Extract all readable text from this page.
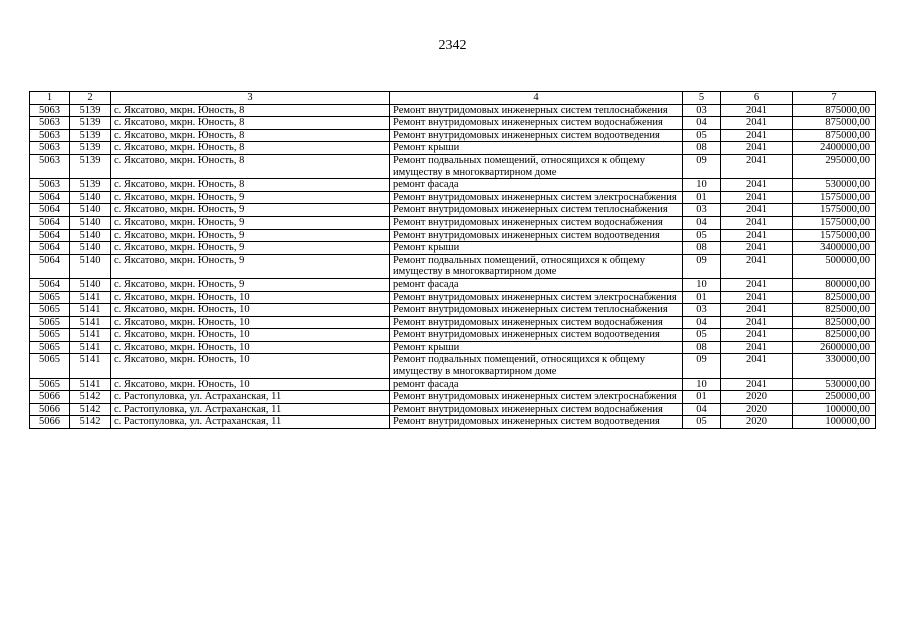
2342
1	2	3	4	5	6	7
5063	5139	с. Яксатово, мкрн. Юность, 8	Ремонт внутридомовых инженерных систем теплоснабжения	03	2041	875000,00
5063	5139	с. Яксатово, мкрн. Юность, 8	Ремонт внутридомовых инженерных систем водоснабжения	04	2041	875000,00
5063	5139	с. Яксатово, мкрн. Юность, 8	Ремонт внутридомовых инженерных систем водоотведения	05	2041	875000,00
5063	5139	с. Яксатово, мкрн. Юность, 8	Ремонт крыши	08	2041	2400000,00
5063	5139	с. Яксатово, мкрн. Юность, 8	Ремонт подвальных помещений, относящихся к общему имуществу в многоквартирном доме	09	2041	295000,00
5063	5139	с. Яксатово, мкрн. Юность, 8	ремонт фасада	10	2041	530000,00
5064	5140	с. Яксатово, мкрн. Юность, 9	Ремонт внутридомовых инженерных систем электроснабжения	01	2041	1575000,00
5064	5140	с. Яксатово, мкрн. Юность, 9	Ремонт внутридомовых инженерных систем теплоснабжения	03	2041	1575000,00
5064	5140	с. Яксатово, мкрн. Юность, 9	Ремонт внутридомовых инженерных систем водоснабжения	04	2041	1575000,00
5064	5140	с. Яксатово, мкрн. Юность, 9	Ремонт внутридомовых инженерных систем водоотведения	05	2041	1575000,00
5064	5140	с. Яксатово, мкрн. Юность, 9	Ремонт крыши	08	2041	3400000,00
5064	5140	с. Яксатово, мкрн. Юность, 9	Ремонт подвальных помещений, относящихся к общему имуществу в многоквартирном доме	09	2041	500000,00
5064	5140	с. Яксатово, мкрн. Юность, 9	ремонт фасада	10	2041	800000,00
5065	5141	с. Яксатово, мкрн. Юность, 10	Ремонт внутридомовых инженерных систем электроснабжения	01	2041	825000,00
5065	5141	с. Яксатово, мкрн. Юность, 10	Ремонт внутридомовых инженерных систем теплоснабжения	03	2041	825000,00
5065	5141	с. Яксатово, мкрн. Юность, 10	Ремонт внутридомовых инженерных систем водоснабжения	04	2041	825000,00
5065	5141	с. Яксатово, мкрн. Юность, 10	Ремонт внутридомовых инженерных систем водоотведения	05	2041	825000,00
5065	5141	с. Яксатово, мкрн. Юность, 10	Ремонт крыши	08	2041	2600000,00
5065	5141	с. Яксатово, мкрн. Юность, 10	Ремонт подвальных помещений, относящихся к общему имуществу в многоквартирном доме	09	2041	330000,00
5065	5141	с. Яксатово, мкрн. Юность, 10	ремонт фасада	10	2041	530000,00
5066	5142	с. Растопуловка, ул. Астраханская, 11	Ремонт внутридомовых инженерных систем электроснабжения	01	2020	250000,00
5066	5142	с. Растопуловка, ул. Астраханская, 11	Ремонт внутридомовых инженерных систем водоснабжения	04	2020	100000,00
5066	5142	с. Растопуловка, ул. Астраханская, 11	Ремонт внутридомовых инженерных систем водоотведения	05	2020	100000,00
